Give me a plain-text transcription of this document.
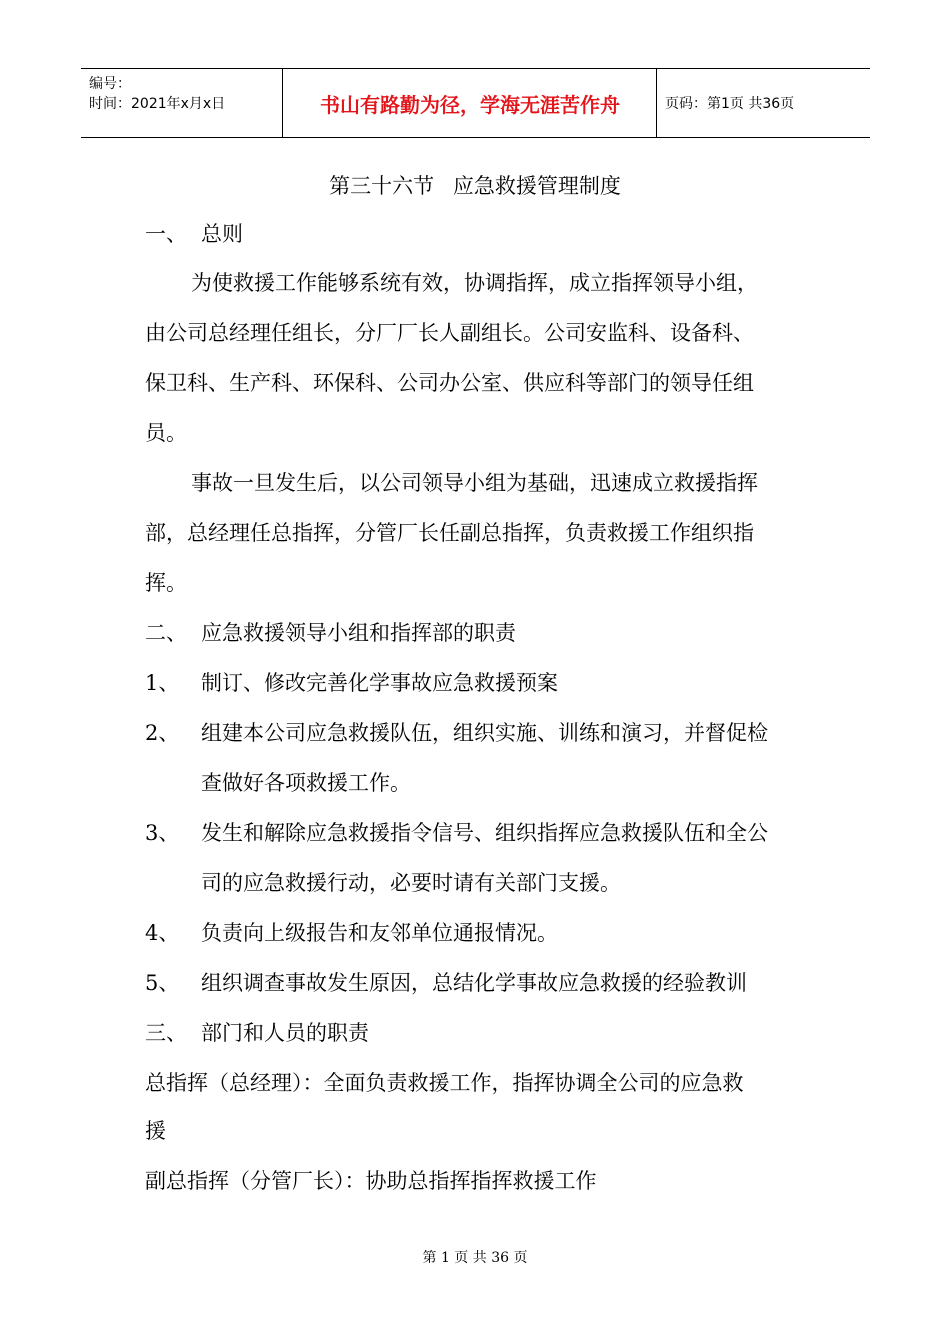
编号：
时间：2021年x月x日	书山有路勤为径，学海无涯苦作舟	页码：第1页 共36页
第三十六节 应急救援管理制度
一、 总则
为使救援工作能够系统有效，协调指挥，成立指挥领导小组，
由公司总经理任组长，分厂厂长人副组长。公司安监科、设备科、
保卫科、生产科、环保科、公司办公室、供应科等部门的领导任组
员。
事故一旦发生后，以公司领导小组为基础，迅速成立救援指挥
部，总经理任总指挥，分管厂长任副总指挥，负责救援工作组织指
挥。
二、 应急救援领导小组和指挥部的职责
1、 制订、修改完善化学事故应急救援预案
2、 组建本公司应急救援队伍，组织实施、训练和演习，并督促检
查做好各项救援工作。
3、 发生和解除应急救援指令信号、组织指挥应急救援队伍和全公
司的应急救援行动，必要时请有关部门支援。
4、 负责向上级报告和友邻单位通报情况。
5、 组织调查事故发生原因，总结化学事故应急救援的经验教训
三、 部门和人员的职责
总指挥（总经理）：全面负责救援工作，指挥协调全公司的应急救
援
副总指挥（分管厂长）：协助总指挥指挥救援工作
第 1 页 共 36 页
